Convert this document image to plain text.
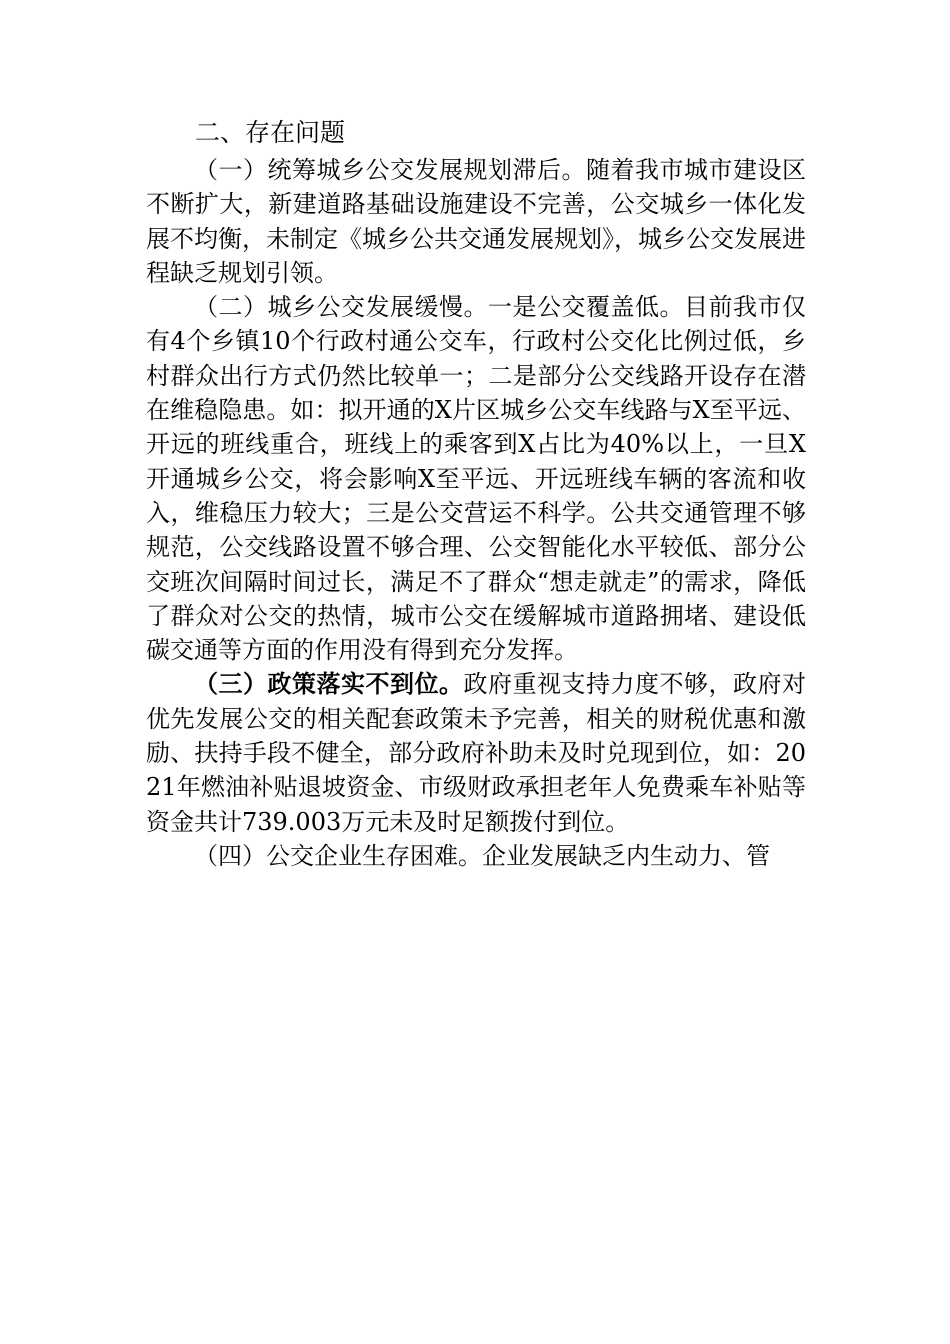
二、存在问题

（一）统筹城乡公交发展规划滞后。随着我市城市建设区不断扩大，新建道路基础设施建设不完善，公交城乡一体化发展不均衡，未制定《城乡公共交通发展规划》，城乡公交发展进程缺乏规划引领。

（二）城乡公交发展缓慢。一是公交覆盖低。目前我市仅有4个乡镇10个行政村通公交车，行政村公交化比例过低，乡村群众出行方式仍然比较单一；二是部分公交线路开设存在潜在维稳隐患。如：拟开通的X片区城乡公交车线路与X至平远、开远的班线重合，班线上的乘客到X占比为40%以上，一旦X开通城乡公交，将会影响X至平远、开远班线车辆的客流和收入，维稳压力较大；三是公交营运不科学。公共交通管理不够规范，公交线路设置不够合理、公交智能化水平较低、部分公交班次间隔时间过长，满足不了群众“想走就走”的需求，降低了群众对公交的热情，城市公交在缓解城市道路拥堵、建设低碳交通等方面的作用没有得到充分发挥。

（三）政策落实不到位。政府重视支持力度不够，政府对优先发展公交的相关配套政策未予完善，相关的财税优惠和激励、扶持手段不健全，部分政府补助未及时兑现到位，如：2021年燃油补贴退坡资金、市级财政承担老年人免费乘车补贴等资金共计739.003万元未及时足额拨付到位。

（四）公交企业生存困难。企业发展缺乏内生动力、管
